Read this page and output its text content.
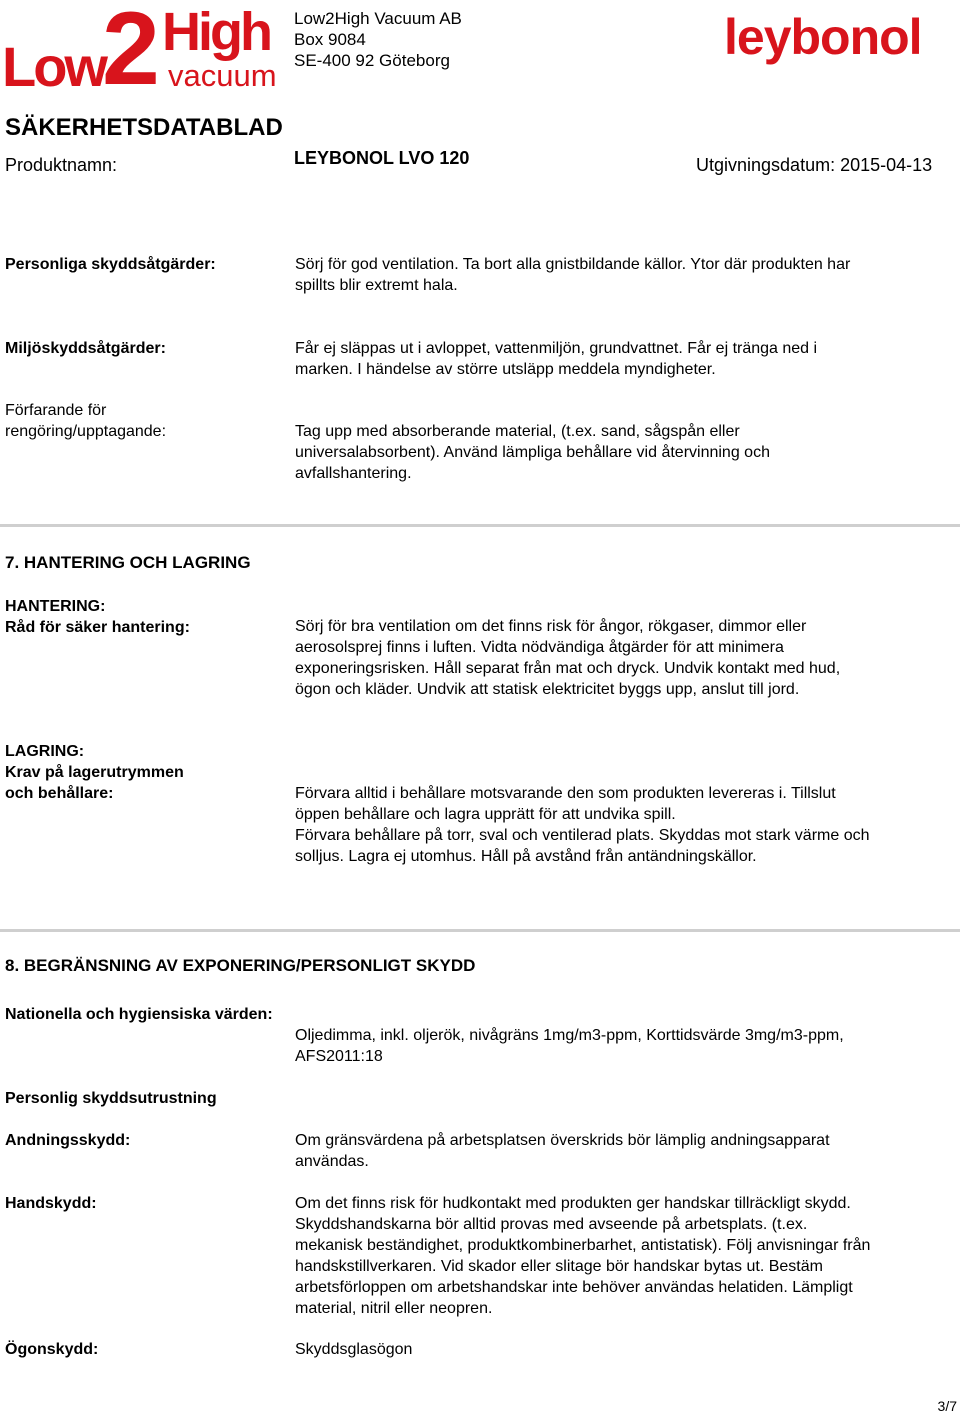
Low
2 High
vacuum
Low2High Vacuum AB
Box 9084
SE-400 92 Göteborg	leybonol
SÄKERHETSDATABLAD
Produktnamn:	LEYBONOL LVO 120	Utgivningsdatum: 2015-04-13
Personliga skyddsåtgärder:	Sörj för god ventilation. Ta bort alla gnistbildande källor. Ytor där produkten har
spillts blir extremt hala.
Miljöskyddsåtgärder:	Får ej släppas ut i avloppet, vattenmiljön, grundvattnet. Får ej tränga ned i
marken. I händelse av större utsläpp meddela myndigheter.
Förfarande för
rengöring/upptagande:	Tag upp med absorberande material, (t.ex. sand, sågspån eller
universalabsorbent). Använd lämpliga behållare vid återvinning och
avfallshantering.
7. HANTERING OCH LAGRING
HANTERING:
Råd för säker hantering:	Sörj för bra ventilation om det finns risk för ångor, rökgaser, dimmor eller
aerosolsprej finns i luften. Vidta nödvändiga åtgärder för att minimera
exponeringsrisken. Håll separat från mat och dryck. Undvik kontakt med hud,
ögon och kläder. Undvik att statisk elektricitet byggs upp, anslut till jord.
LAGRING:
Krav på lagerutrymmen
och behållare:	Förvara alltid i behållare motsvarande den som produkten levereras i. Tillslut
öppen behållare och lagra upprätt för att undvika spill.
Förvara behållare på torr, sval och ventilerad plats. Skyddas mot stark värme och
solljus. Lagra ej utomhus. Håll på avstånd från antändningskällor.
8. BEGRÄNSNING AV EXPONERING/PERSONLIGT SKYDD
Nationella och hygiensiska värden:
Oljedimma, inkl. oljerök, nivågräns 1mg/m3-ppm, Korttidsvärde 3mg/m3-ppm,
AFS2011:18
Personlig skyddsutrustning
Andningsskydd:	Om gränsvärdena på arbetsplatsen överskrids bör lämplig andningsapparat
användas.
Handskydd:	Om det finns risk för hudkontakt med produkten ger handskar tillräckligt skydd.
Skyddshandskarna bör alltid provas med avseende på arbetsplats. (t.ex.
mekanisk beständighet, produktkombinerbarhet, antistatisk). Följ anvisningar från
handskstillverkaren. Vid skador eller slitage bör handskar bytas ut. Bestäm
arbetsförloppen om arbetshandskar inte behöver användas helatiden. Lämpligt
material, nitril eller neopren.
Ögonskydd:	Skyddsglasögon
3/7
